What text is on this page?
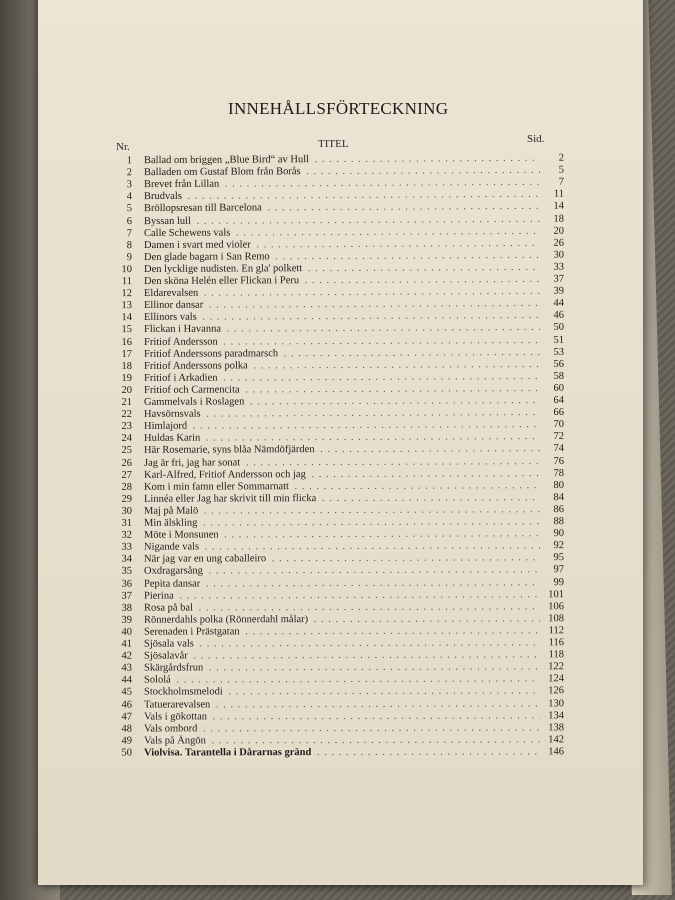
INNEHÅLLSFÖRTECKNING
Nr.	TITEL	Sid.
1 Ballad om briggen „Blue Bird“ av Hull . . .	2
2 Balladen om Gustaf Blom från Borås . . .	5
3 Brevet från Lillan . . .	7
4 Brudvals . . .	11
5 Bröllopsresan till Barcelona . . .	14
6 Byssan lull . . .	18
7 Calle Schewens vals . . .	20
8 Damen i svart med violer . . .	26
9 Den glade bagarn i San Remo . . .	30
10 Den lycklige nudisten. En gla' polkett . . .	33
11 Den sköna Helén eller Flickan i Peru . . .	37
12 Eldarevalsen . . .	39
13 Ellinor dansar . . .	44
14 Ellinors vals . . .	46
15 Flickan i Havanna . . .	50
16 Fritiof Andersson . . .	51
17 Fritiof Anderssons paradmarsch . . .	53
18 Fritiof Anderssons polka . . .	56
19 Fritiof i Arkadien . . .	58
20 Fritiof och Carmencita . . .	60
21 Gammelvals i Roslagen . . .	64
22 Havsörnsvals . . .	66
23 Himlajord . . .	70
24 Huldas Karin . . .	72
25 Här Rosemarie, syns blåa Nämdöfjärden . . .	74
26 Jag är fri, jag har sonat . . .	76
27 Karl-Alfred, Fritiof Andersson och jag . . .	78
28 Kom i min famn eller Sommarnatt . . .	80
29 Linnéa eller Jag har skrivit till min flicka . . .	84
30 Maj på Malö . . .	86
31 Min älskling . . .	88
32 Möte i Monsunen . . .	90
33 Nigande vals . . .	92
34 När jag var en ung caballeiro . . .	95
35 Oxdragarsång . . .	97
36 Pepita dansar . . .	99
37 Pierina . . .	101
38 Rosa på bal . . .	106
39 Rönnerdahls polka (Rönnerdahl målar) . . .	108
40 Serenaden i Prästgatan . . .	112
41 Sjösala vals . . .	116
42 Sjösalavår . . .	118
43 Skärgårdsfrun . . .	122
44 Sololá . . .	124
45 Stockholmsmelodi . . .	126
46 Tatuerarevalsen . . .	130
47 Vals i gökottan . . .	134
48 Vals ombord . . .	138
49 Vals på Ängön . . .	142
50 Violvisa. Tarantella i Dårarnas gränd . . .	146
